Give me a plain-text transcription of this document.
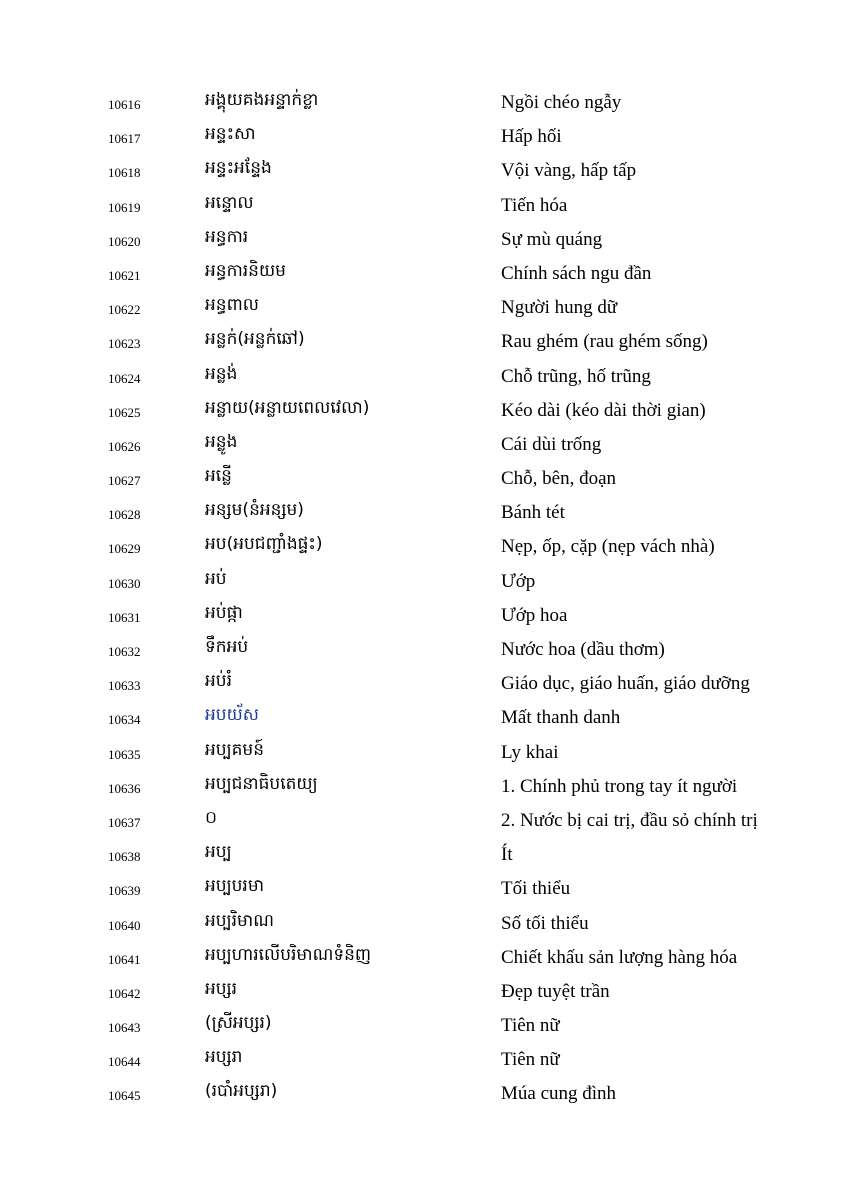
10616	អង្គុយគងអន្ទាក់ខ្លា	Ngồi chéo ngẫy
10617	អន្ទះសា	Hấp hối
10618	អន្ទះអន្ទែង	Vội vàng, hấp tấp
10619	អន្ទោល	Tiến hóa
10620	អន្ធការ	Sự mù quáng
10621	អន្ធការនិយម	Chính sách ngu đần
10622	អន្ធពាល	Người hung dữ
10623	អន្លក់(អន្លក់ឆៅ)	Rau ghém (rau ghém sống)
10624	អន្លង់	Chỗ trũng, hố trũng
10625	អន្លាយ(អន្លាយពេលវេលា)	Kéo dài (kéo dài thời gian)
10626	អន្លូង	Cái dùi trống
10627	អន្លើ	Chỗ, bên, đoạn
10628	អន្សម(នំអន្សម)	Bánh tét
10629	អប(អបជញ្ជាំងផ្ទះ)	Nẹp, ốp, cặp (nẹp vách nhà)
10630	អប់	Ướp
10631	អប់ផ្កា	Ướp hoa
10632	ទឹកអប់	Nước hoa (dầu thơm)
10633	អប់រំ	Giáo dục, giáo huấn, giáo dưỡng
10634	អបយ័ស	Mất thanh danh
10635	អប្បគមន៍	Ly khai
10636	អប្បជនាធិបតេយ្យ	1. Chính phủ trong tay ít người
10637	០	2. Nước bị cai trị, đầu sỏ chính trị
10638	អប្ប	Ít
10639	អប្បបរមា	Tối thiểu
10640	អប្បរិមាណ	Số tối thiểu
10641	អប្បហារលើបរិមាណទំនិញ	Chiết khấu sản lượng hàng hóa
10642	អប្សរ	Đẹp tuyệt trần
10643	(ស្រីអប្សរ)	Tiên nữ
10644	អប្សរា	Tiên nữ
10645	(របាំអប្សរា)	Múa cung đình
